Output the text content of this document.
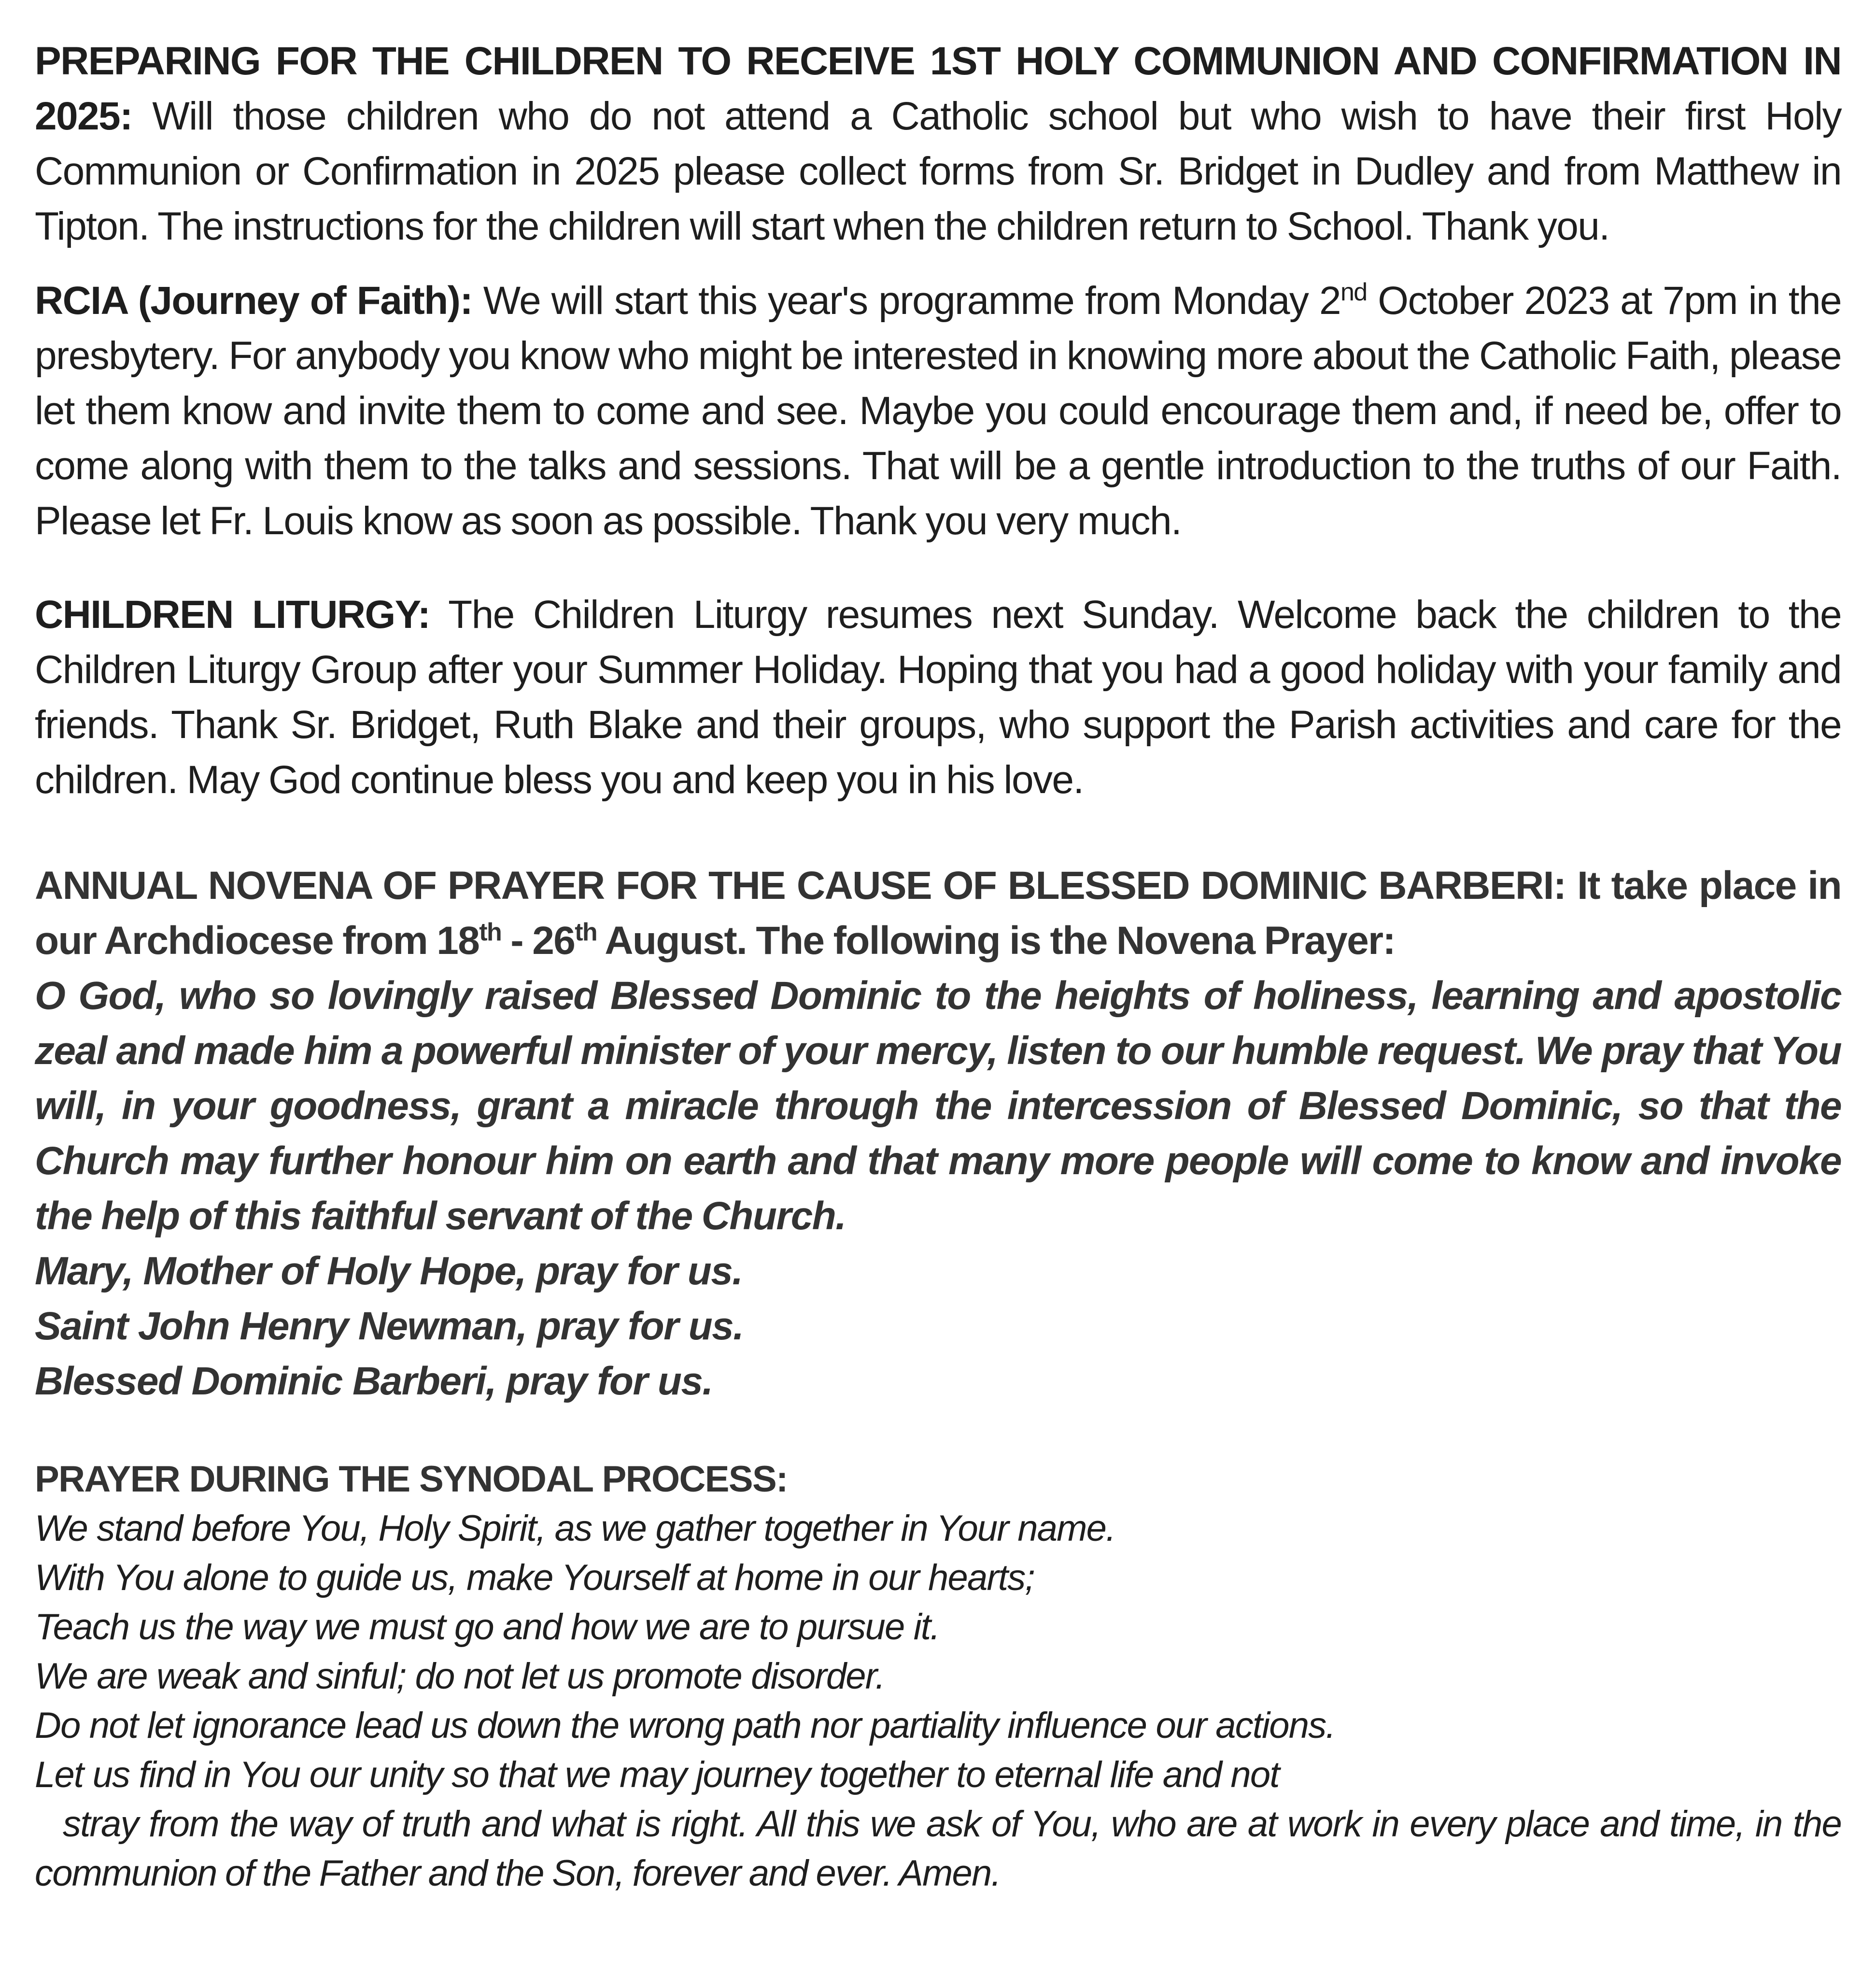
PREPARING FOR THE CHILDREN TO RECEIVE 1ST HOLY COMMUNION AND CONFIRMATION IN 2025: Will those children who do not attend a Catholic school but who wish to have their first Holy Communion or Confirmation in 2025 please collect forms from Sr. Bridget in Dudley and from Matthew in Tipton. The instructions for the children will start when the children return to School. Thank you.

RCIA (Journey of Faith): We will start this year's programme from Monday 2nd October 2023 at 7pm in the presbytery. For anybody you know who might be interested in knowing more about the Catholic Faith, please let them know and invite them to come and see. Maybe you could encourage them and, if need be, offer to come along with them to the talks and sessions. That will be a gentle introduction to the truths of our Faith. Please let Fr. Louis know as soon as possible. Thank you very much.

CHILDREN LITURGY: The Children Liturgy resumes next Sunday. Welcome back the children to the Children Liturgy Group after your Summer Holiday. Hoping that you had a good holiday with your family and friends. Thank Sr. Bridget, Ruth Blake and their groups, who support the Parish activities and care for the children. May God continue bless you and keep you in his love.

ANNUAL NOVENA OF PRAYER FOR THE CAUSE OF BLESSED DOMINIC BARBERI: It take place in our Archdiocese from 18th - 26th August. The following is the Novena Prayer:

O God, who so lovingly raised Blessed Dominic to the heights of holiness, learning and apostolic zeal and made him a powerful minister of your mercy, listen to our humble request. We pray that You will, in your goodness, grant a miracle through the intercession of Blessed Dominic, so that the Church may further honour him on earth and that many more people will come to know and invoke the help of this faithful servant of the Church.

Mary, Mother of Holy Hope, pray for us.
Saint John Henry Newman, pray for us.
Blessed Dominic Barberi, pray for us.
PRAYER DURING THE SYNODAL PROCESS:
We stand before You, Holy Spirit, as we gather together in Your name.
With You alone to guide us, make Yourself at home in our hearts;
Teach us the way we must go and how we are to pursue it.
We are weak and sinful; do not let us promote disorder.
Do not let ignorance lead us down the wrong path nor partiality influence our actions.
Let us find in You our unity so that we may journey together to eternal life and not
stray from the way of truth and what is right. All this we ask of You, who are at work in every place and time, in the communion of the Father and the Son, forever and ever. Amen.
